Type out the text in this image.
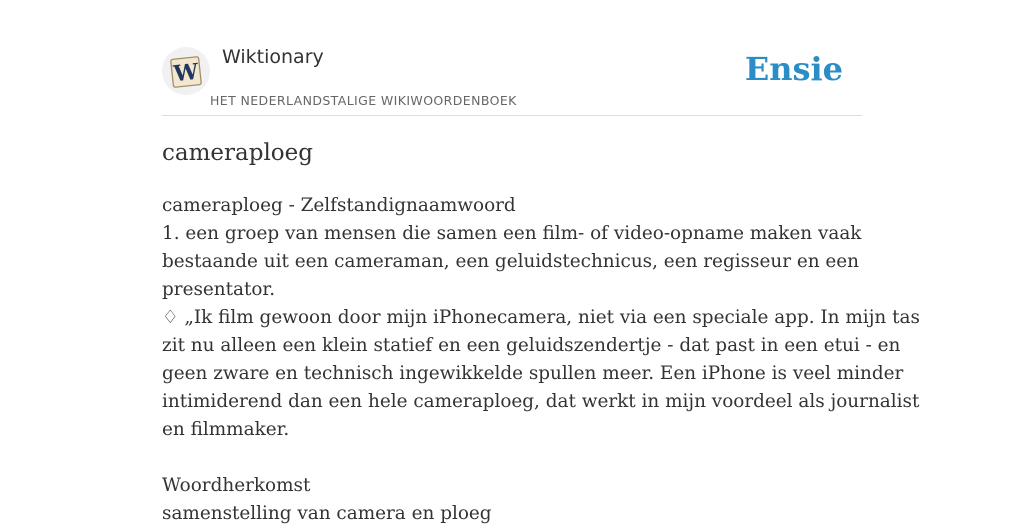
W
Wiktionary
HET NEDERLANDSTALIGE WIKIWOORDENBOEK
Ensie
cameraploeg
cameraploeg - Zelfstandignaamwoord
1. een groep van mensen die samen een film- of video-opname maken vaak
bestaande uit een cameraman, een geluidstechnicus, een regisseur en een
presentator.
♢ „Ik film gewoon door mijn iPhonecamera, niet via een speciale app. In mijn tas
zit nu alleen een klein statief en een geluidszendertje - dat past in een etui - en
geen zware en technisch ingewikkelde spullen meer. Een iPhone is veel minder
intimiderend dan een hele cameraploeg, dat werkt in mijn voordeel als journalist
en filmmaker.
Woordherkomst
samenstelling van camera en ploeg
